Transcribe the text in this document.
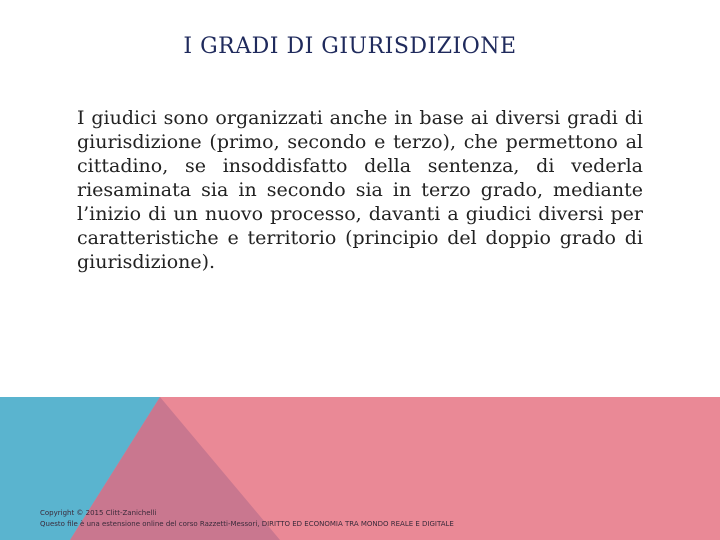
I GRADI DI GIURISDIZIONE

I giudici sono organizzati anche in base ai diversi gradi di giurisdizione (primo, secondo e terzo), che permettono al cittadino, se insoddisfatto della sentenza, di vederla riesaminata sia in secondo sia in terzo grado, mediante l’inizio di un nuovo processo, davanti a giudici diversi per caratteristiche e territorio (principio del doppio grado di giurisdizione).

Copyright © 2015 Clitt-Zanichelli

Questo file è una estensione online del corso Razzetti-Messori, DIRITTO ED ECONOMIA TRA MONDO REALE E DIGITALE
